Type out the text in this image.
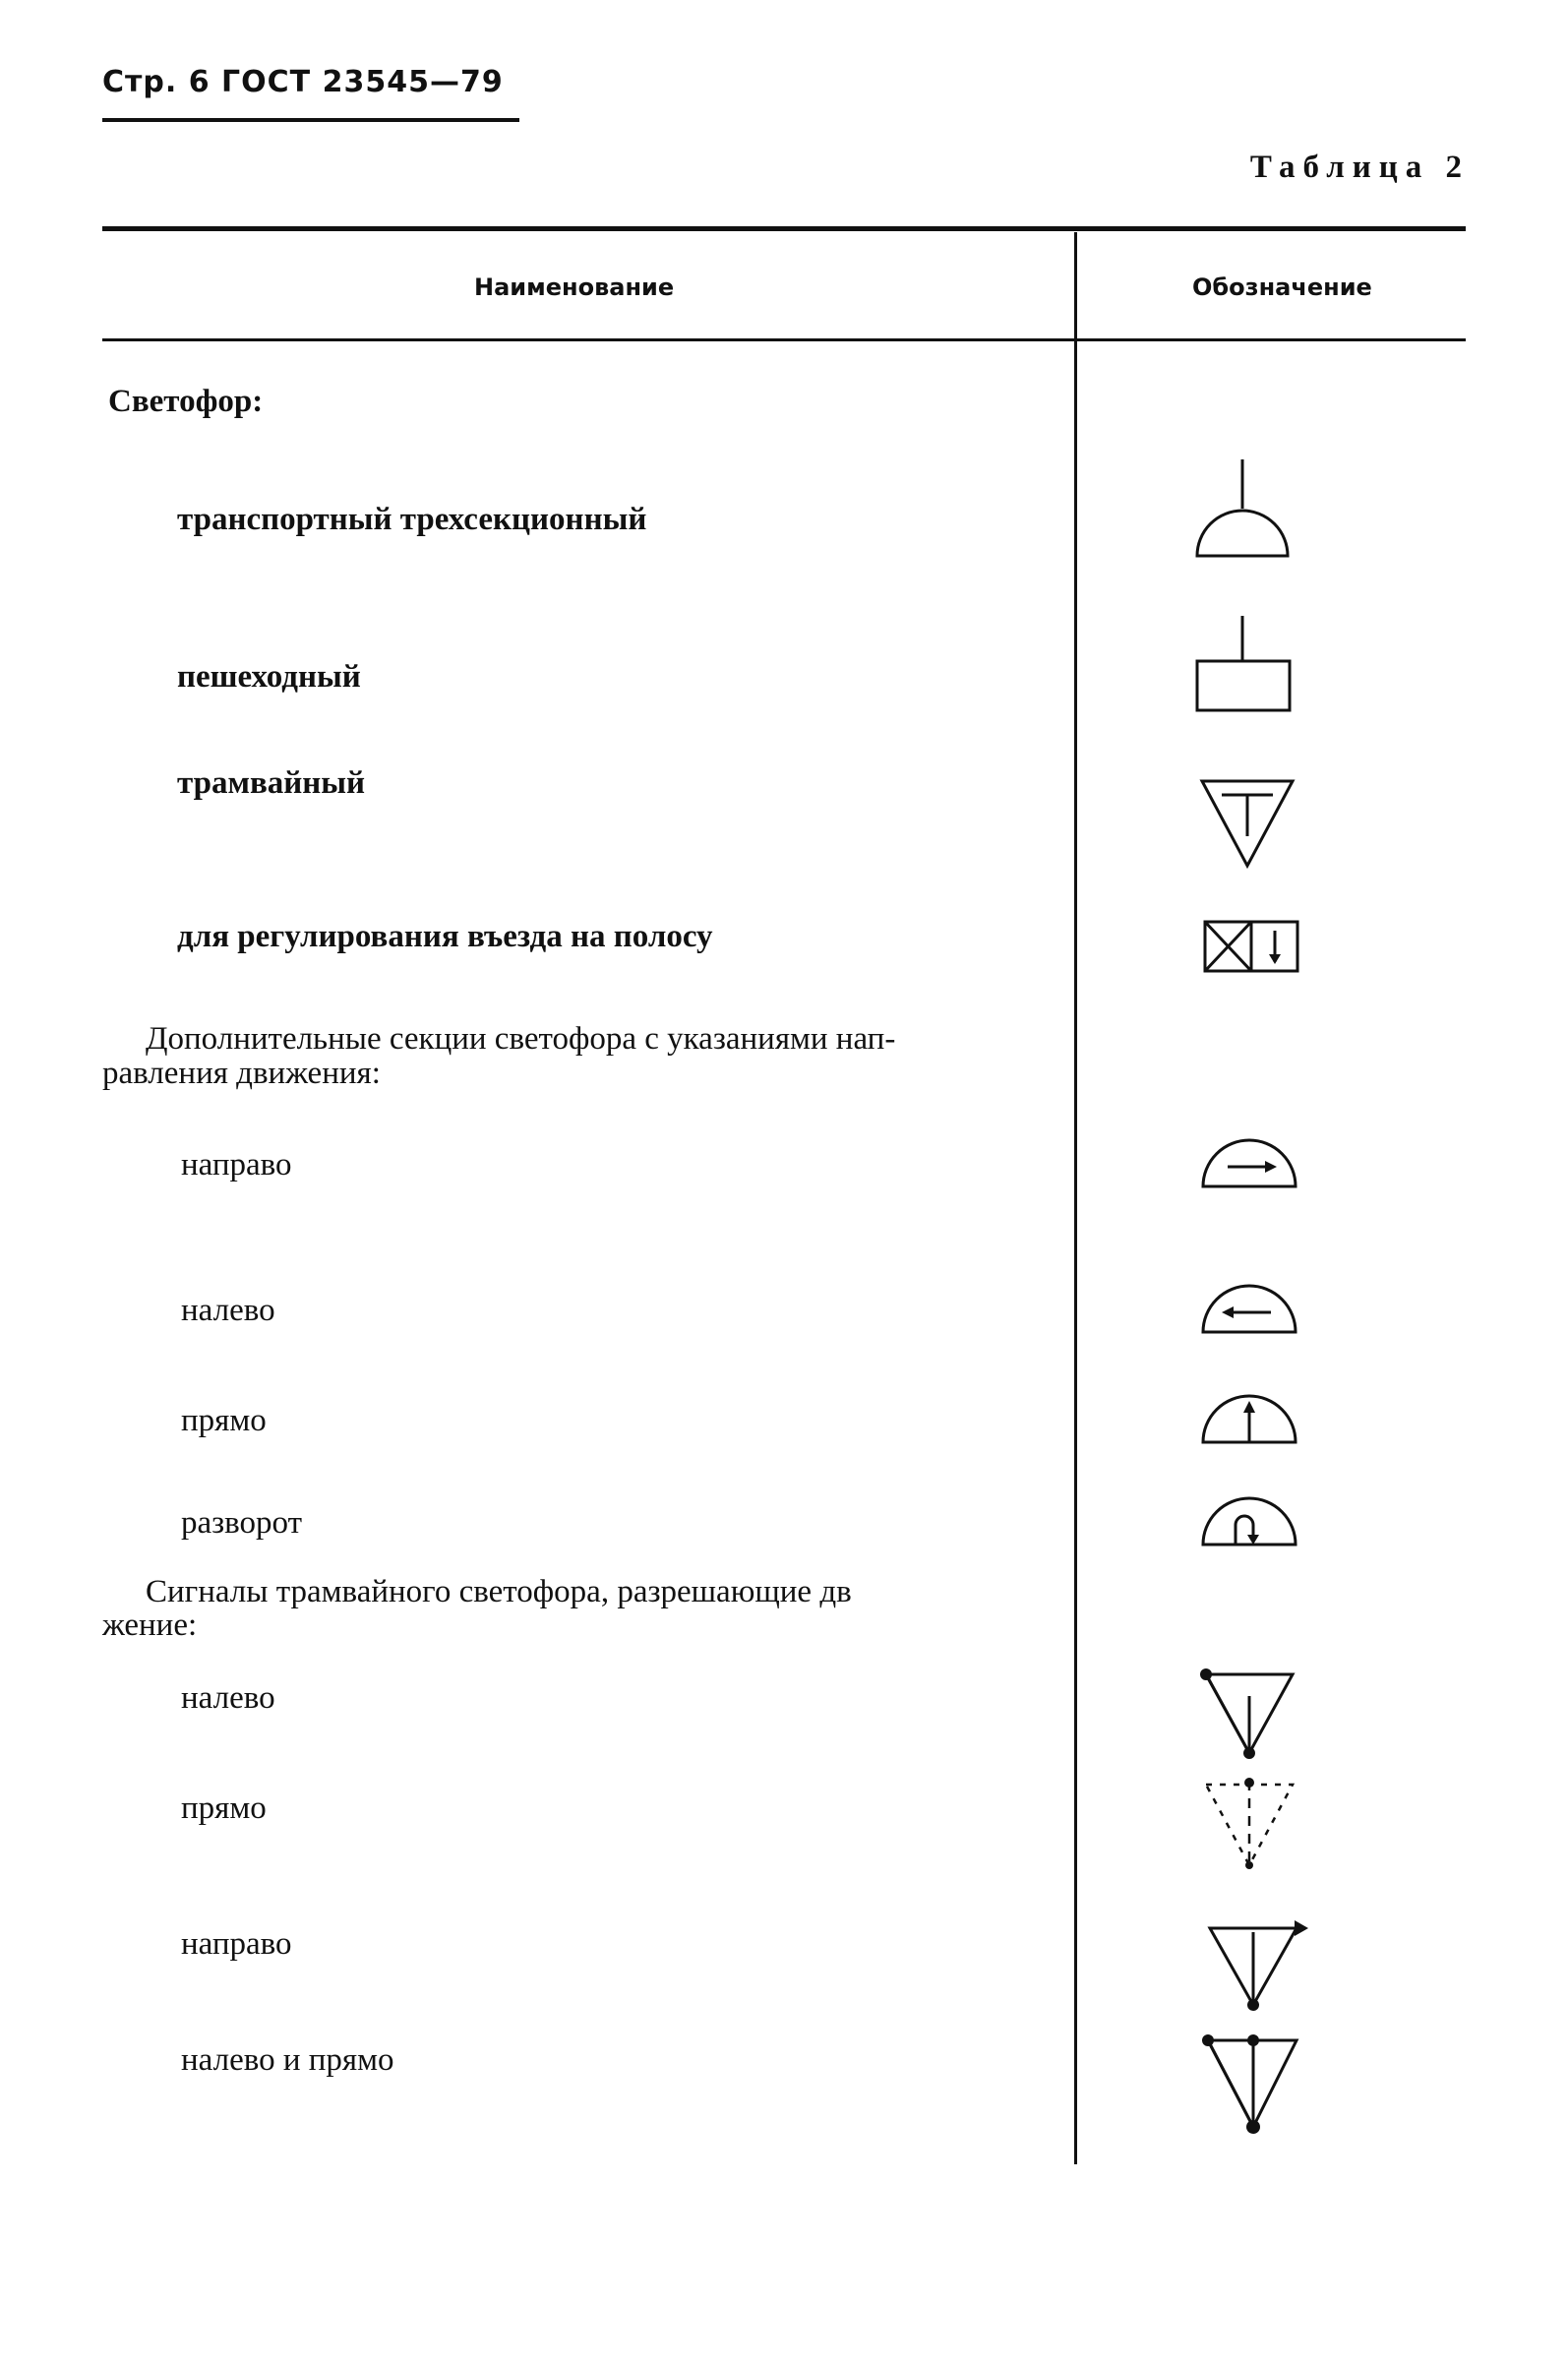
Стр. 6 ГОСТ 23545—79
Таблица 2
Наименование	Обозначение
Светофор:
транспортный трехсекционный
пешеходный
трамвайный
для регулирования въезда на полосу
Дополнительные секции светофора с указаниями нап-
равления движения:
направо
налево
прямо
разворот
Сигналы трамвайного светофора, разрешающие дв
жение:
налево
прямо
направо
налево и прямо
